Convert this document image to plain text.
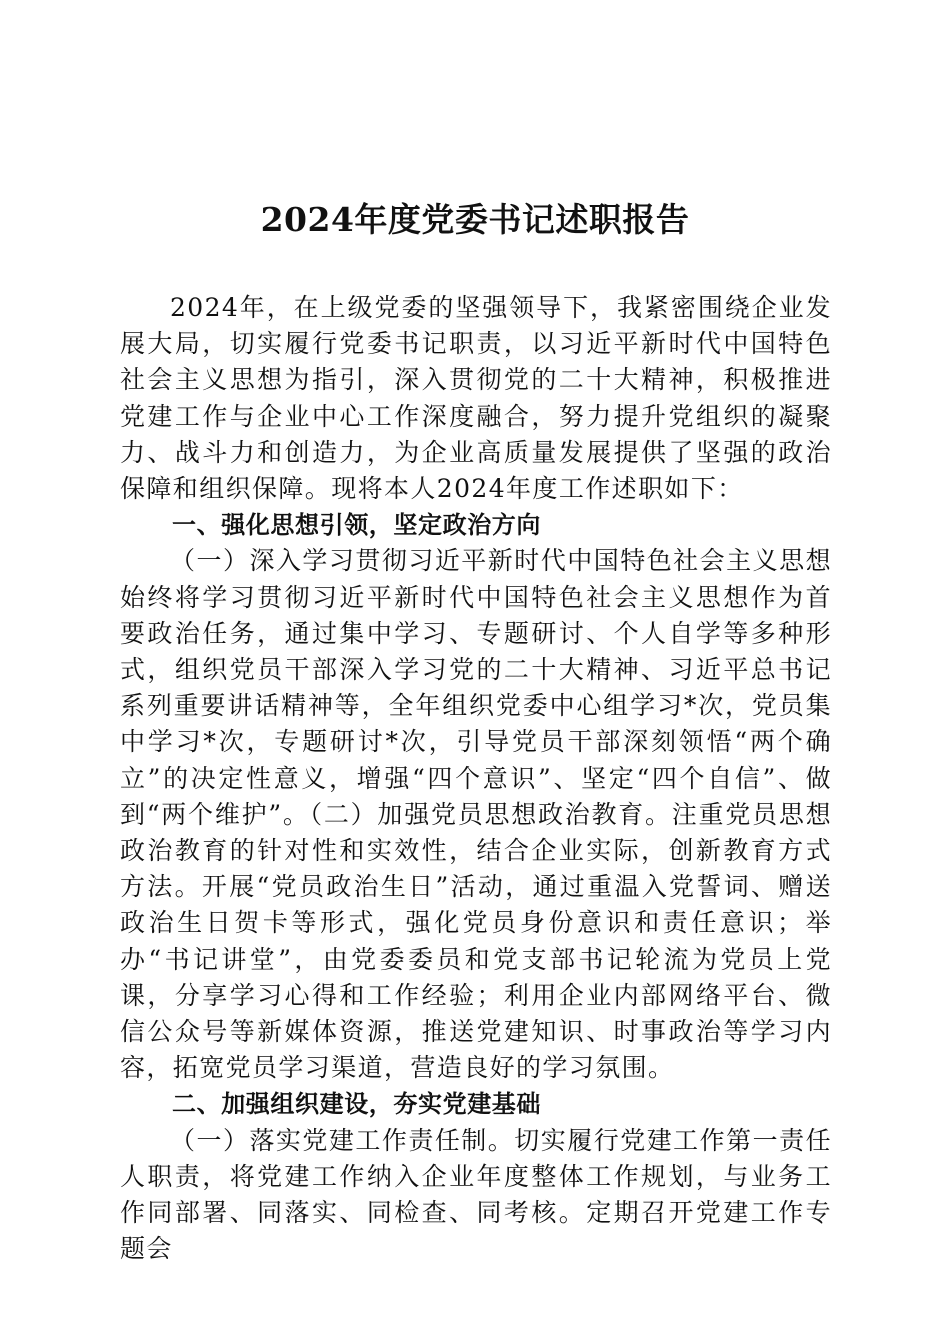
2024年度党委书记述职报告

2024年，在上级党委的坚强领导下，我紧密围绕企业发展大局，切实履行党委书记职责，以习近平新时代中国特色社会主义思想为指引，深入贯彻党的二十大精神，积极推进党建工作与企业中心工作深度融合，努力提升党组织的凝聚力、战斗力和创造力，为企业高质量发展提供了坚强的政治保障和组织保障。现将本人2024年度工作述职如下：

一、强化思想引领，坚定政治方向

（一）深入学习贯彻习近平新时代中国特色社会主义思想始终将学习贯彻习近平新时代中国特色社会主义思想作为首要政治任务，通过集中学习、专题研讨、个人自学等多种形式，组织党员干部深入学习党的二十大精神、习近平总书记系列重要讲话精神等，全年组织党委中心组学习*次，党员集中学习*次，专题研讨*次，引导党员干部深刻领悟“两个确立”的决定性意义，增强“四个意识”、坚定“四个自信”、做到“两个维护”。（二）加强党员思想政治教育。注重党员思想政治教育的针对性和实效性，结合企业实际，创新教育方式方法。开展“党员政治生日”活动，通过重温入党誓词、赠送政治生日贺卡等形式，强化党员身份意识和责任意识；举办“书记讲堂”，由党委委员和党支部书记轮流为党员上党课，分享学习心得和工作经验；利用企业内部网络平台、微信公众号等新媒体资源，推送党建知识、时事政治等学习内容，拓宽党员学习渠道，营造良好的学习氛围。

二、加强组织建设，夯实党建基础

（一）落实党建工作责任制。切实履行党建工作第一责任人职责，将党建工作纳入企业年度整体工作规划，与业务工作同部署、同落实、同检查、同考核。定期召开党建工作专题会
